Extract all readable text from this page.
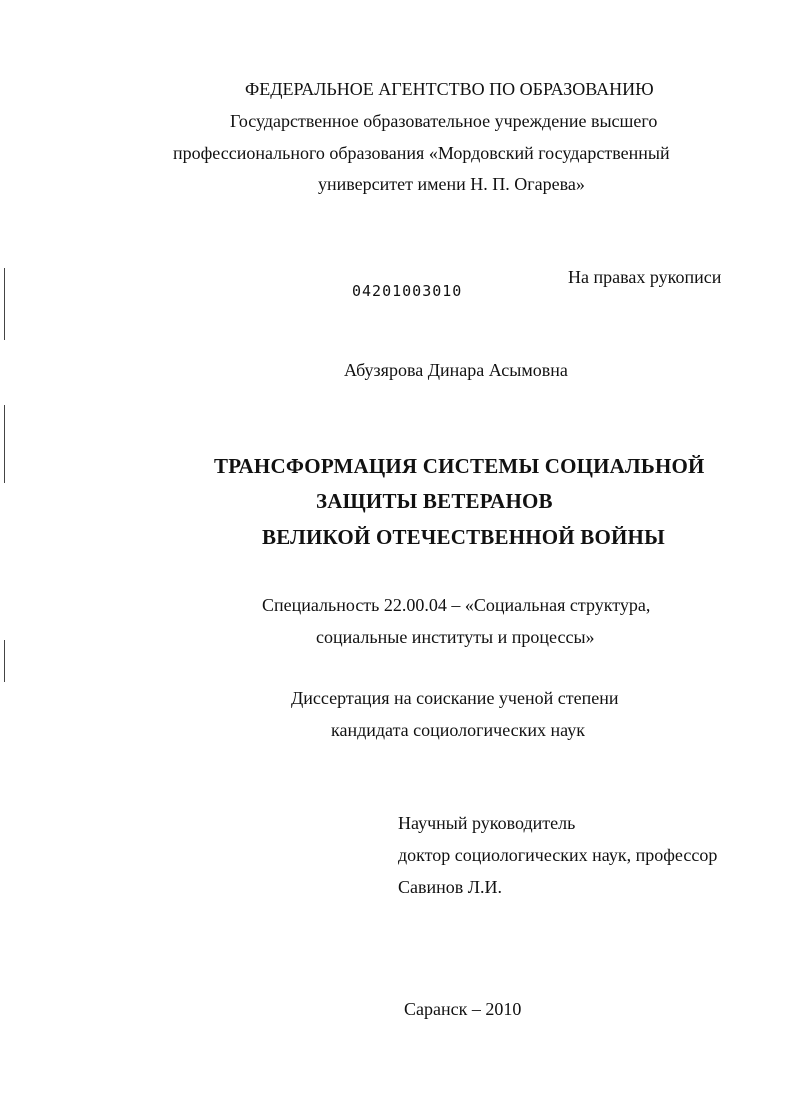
ФЕДЕРАЛЬНОЕ АГЕНТСТВО ПО ОБРАЗОВАНИЮ
Государственное образовательное учреждение высшего
профессионального образования «Мордовский государственный
университет имени Н. П. Огарева»
На правах рукописи
04201003010
Абузярова Динара Асымовна
ТРАНСФОРМАЦИЯ СИСТЕМЫ СОЦИАЛЬНОЙ
ЗАЩИТЫ ВЕТЕРАНОВ
ВЕЛИКОЙ ОТЕЧЕСТВЕННОЙ ВОЙНЫ
Специальность 22.00.04 – «Социальная структура,
социальные институты и процессы»
Диссертация на соискание ученой степени
кандидата социологических наук
Научный руководитель
доктор социологических наук, профессор
Савинов Л.И.
Саранск – 2010
